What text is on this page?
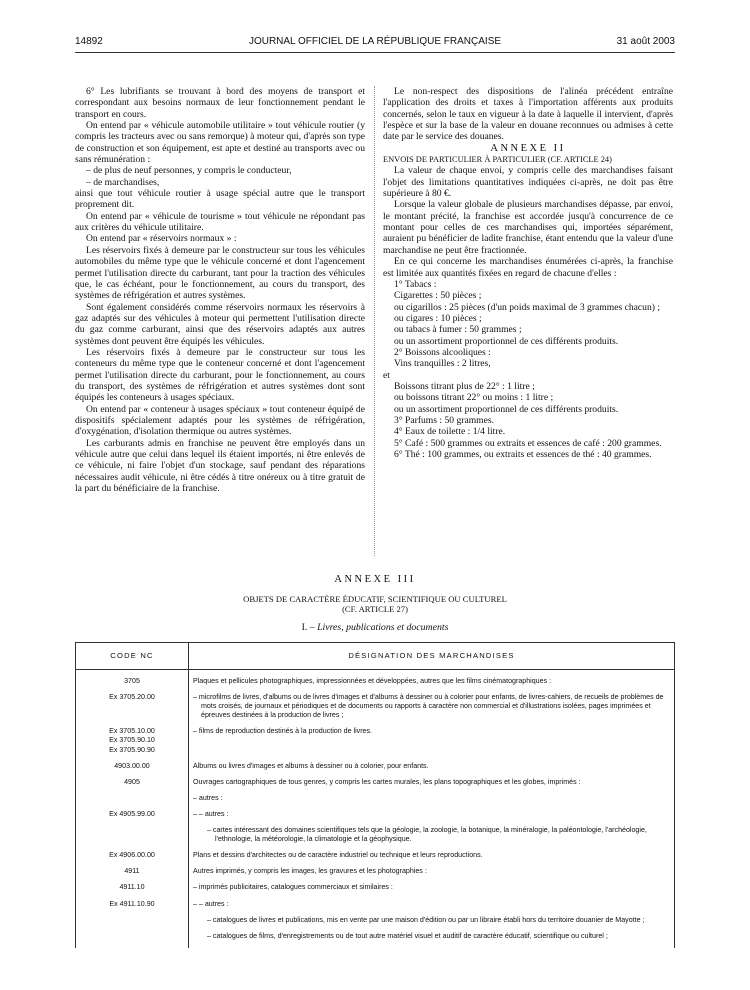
14892	JOURNAL OFFICIEL DE LA RÉPUBLIQUE FRANÇAISE	31 août 2003

6° Les lubrifiants se trouvant à bord des moyens de transport et correspondant aux besoins normaux de leur fonctionnement pendant le transport en cours.

On entend par « véhicule automobile utilitaire » tout véhicule routier (y compris les tracteurs avec ou sans remorque) à moteur qui, d'après son type de construction et son équipement, est apte et destiné au transports avec ou sans rémunération :

– de plus de neuf personnes, y compris le conducteur,

– de marchandises,

ainsi que tout véhicule routier à usage spécial autre que le transport proprement dit.

On entend par « véhicule de tourisme » tout véhicule ne répondant pas aux critères du véhicule utilitaire.

On entend par « réservoirs normaux » :

Les réservoirs fixés à demeure par le constructeur sur tous les véhicules automobiles du même type que le véhicule concerné et dont l'agencement permet l'utilisation directe du carburant, tant pour la traction des véhicules que, le cas échéant, pour le fonctionnement, au cours du transport, des systèmes de réfrigération et autres systèmes.

Sont également considérés comme réservoirs normaux les réservoirs à gaz adaptés sur des véhicules à moteur qui permettent l'utilisation directe du gaz comme carburant, ainsi que des réservoirs adaptés aux autres systèmes dont peuvent être équipés les véhicules.

Les réservoirs fixés à demeure par le constructeur sur tous les conteneurs du même type que le conteneur concerné et dont l'agencement permet l'utilisation directe du carburant, pour le fonctionnement, au cours du transport, des systèmes de réfrigération et autres systèmes dont sont équipés les conteneurs à usages spéciaux.

On entend par « conteneur à usages spéciaux » tout conteneur équipé de dispositifs spécialement adaptés pour les systèmes de réfrigération, d'oxygénation, d'isolation thermique ou autres systèmes.

Les carburants admis en franchise ne peuvent être employés dans un véhicule autre que celui dans lequel ils étaient importés, ni être enlevés de ce véhicule, ni faire l'objet d'un stockage, sauf pendant des réparations nécessaires audit véhicule, ni être cédés à titre onéreux ou à titre gratuit de la part du bénéficiaire de la franchise.

Le non-respect des dispositions de l'alinéa précédent entraîne l'application des droits et taxes à l'importation afférents aux produits concernés, selon le taux en vigueur à la date à laquelle il intervient, d'après l'espèce et sur la base de la valeur en douane reconnues ou admises à cette date par le service des douanes.

ANNEXE II

ENVOIS DE PARTICULIER À PARTICULIER (CF. ARTICLE 24)

La valeur de chaque envoi, y compris celle des marchandises faisant l'objet des limitations quantitatives indiquées ci-après, ne doit pas être supérieure à 80 €.

Lorsque la valeur globale de plusieurs marchandises dépasse, par envoi, le montant précité, la franchise est accordée jusqu'à concurrence de ce montant pour celles de ces marchandises qui, importées séparément, auraient pu bénéficier de ladite franchise, étant entendu que la valeur d'une marchandise ne peut être fractionnée.

En ce qui concerne les marchandises énumérées ci-après, la franchise est limitée aux quantités fixées en regard de chacune d'elles :

1° Tabacs :

Cigarettes : 50 pièces ;

ou cigarillos : 25 pièces (d'un poids maximal de 3 grammes chacun) ;

ou cigares : 10 pièces ;

ou tabacs à fumer : 50 grammes ;

ou un assortiment proportionnel de ces différents produits.

2° Boissons alcooliques :

Vins tranquilles : 2 litres,

et

Boissons titrant plus de 22° : 1 litre ;

ou boissons titrant 22° ou moins : 1 litre ;

ou un assortiment proportionnel de ces différents produits.

3° Parfums : 50 grammes.

4° Eaux de toilette : 1/4 litre.

5° Café : 500 grammes ou extraits et essences de café : 200 grammes.

6° Thé : 100 grammes, ou extraits et essences de thé : 40 grammes.

ANNEXE III
OBJETS DE CARACTÈRE ÉDUCATIF, SCIENTIFIQUE OU CULTUREL
(CF. ARTICLE 27)
I. – Livres, publications et documents
CODE NC	DÉSIGNATION DES MARCHANDISES

3705	Plaques et pellicules photographiques, impressionnées et développées, autres que les films cinématographiques :

Ex 3705.20.00	– microfilms de livres, d'albums ou de livres d'images et d'albums à dessiner ou à colorier pour enfants, de livres-cahiers, de recueils de problèmes de mots croisés, de journaux et périodiques et de documents ou rapports à caractère non commercial et d'illustrations isolées, pages imprimées et épreuves destinées à la production de livres ;

Ex 3705.10.00
Ex 3705.90.10
Ex 3705.90.90	– films de reproduction destinés à la production de livres.

4903.00.00	Albums ou livres d'images et albums à dessiner ou à colorier, pour enfants.

4905	Ouvrages cartographiques de tous genres, y compris les cartes murales, les plans topographiques et les globes, imprimés :

	– autres :

Ex 4905.99.00	– – autres :

	– cartes intéressant des domaines scientifiques tels que la géologie, la zoologie, la botanique, la minéralogie, la paléontologie, l'archéologie, l'ethnologie, la météorologie, la climatologie et la géophysique.

Ex 4906.00.00	Plans et dessins d'architectes ou de caractère industriel ou technique et leurs reproductions.

4911	Autres imprimés, y compris les images, les gravures et les photographies :

4911.10	– imprimés publicitaires, catalogues commerciaux et similaires :

Ex 4911.10.90	– – autres :

	– catalogues de livres et publications, mis en vente par une maison d'édition ou par un libraire établi hors du territoire douanier de Mayotte ;

	– catalogues de films, d'enregistrements ou de tout autre matériel visuel et auditif de caractère éducatif, scientifique ou culturel ;
